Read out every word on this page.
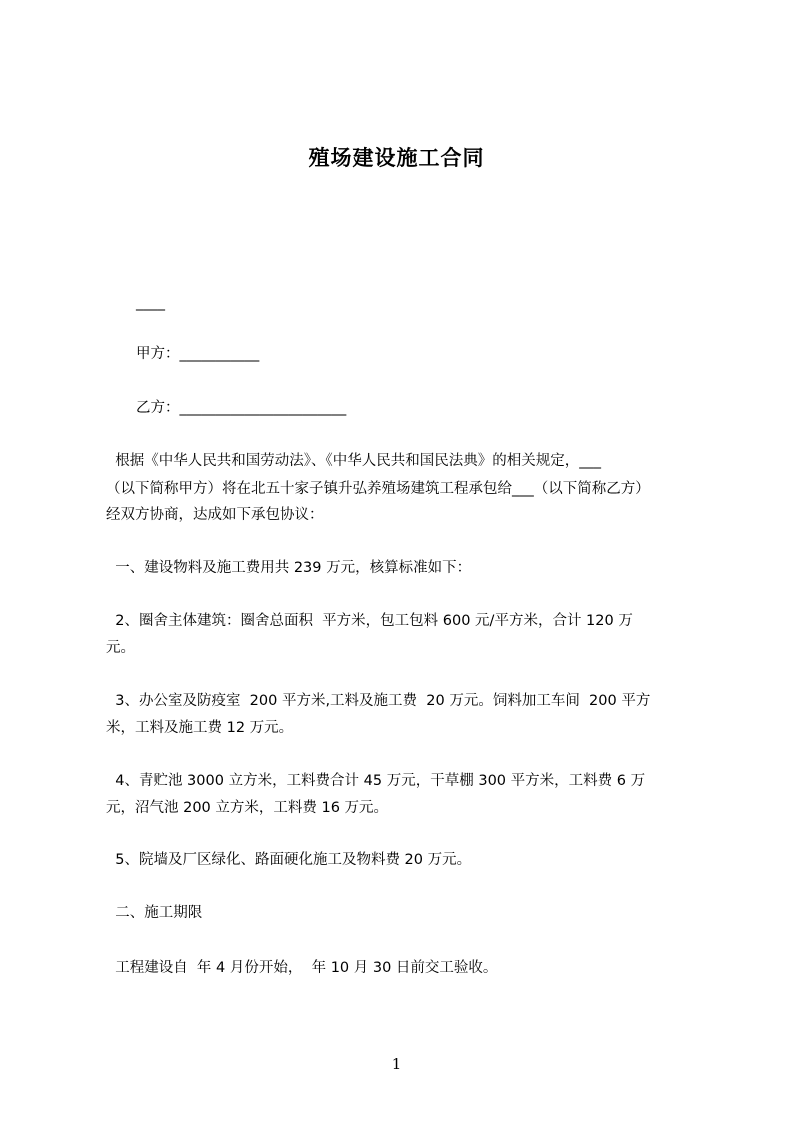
殖场建设施工合同
____
甲方：___________
乙方：_______________________
根据《中华人民共和国劳动法》、《中华人民共和国民法典》的相关规定，___
（以下简称甲方）将在北五十家子镇升弘养殖场建筑工程承包给___（以下简称乙方）
经双方协商，达成如下承包协议：
一、建设物料及施工费用共 239 万元，核算标准如下：
2、圈舍主体建筑：圈舍总面积  平方米，包工包料 600 元/平方米，合计 120 万
元。
3、办公室及防疫室  200 平方米,工料及施工费  20 万元。饲料加工车间  200 平方
米，工料及施工费 12 万元。
4、青贮池 3000 立方米，工料费合计 45 万元，干草棚 300 平方米，工料费 6 万
元，沼气池 200 立方米，工料费 16 万元。
5、院墙及厂区绿化、路面硬化施工及物料费 20 万元。
二、施工期限
工程建设自  年 4 月份开始，  年 10 月 30 日前交工验收。
1
